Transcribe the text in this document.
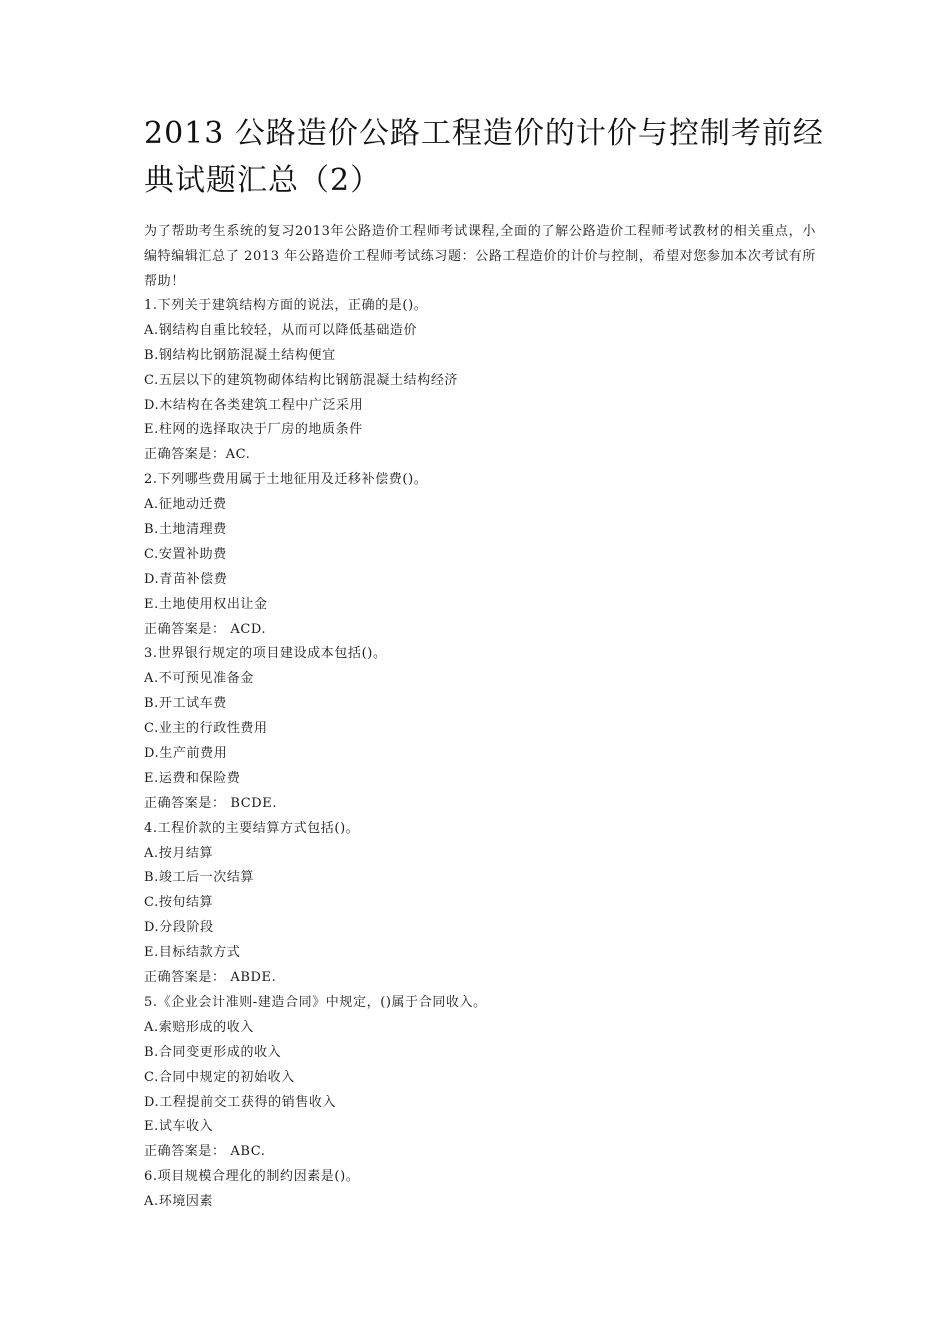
2013 公路造价公路工程造价的计价与控制考前经典试题汇总（2）

为了帮助考生系统的复习2013年公路造价工程师考试课程,全面的了解公路造价工程师考试教材的相关重点，小编特编辑汇总了 2013 年公路造价工程师考试练习题：公路工程造价的计价与控制，希望对您参加本次考试有所帮助！

1.下列关于建筑结构方面的说法，正确的是()。
A.钢结构自重比较轻，从而可以降低基础造价
B.钢结构比钢筋混凝土结构便宜
C.五层以下的建筑物砌体结构比钢筋混凝土结构经济
D.木结构在各类建筑工程中广泛采用
E.柱网的选择取决于厂房的地质条件
正确答案是：AC.
2.下列哪些费用属于土地征用及迁移补偿费()。
A.征地动迁费
B.土地清理费
C.安置补助费
D.青苗补偿费
E.土地使用权出让金
正确答案是： ACD.
3.世界银行规定的项目建设成本包括()。
A.不可预见准备金
B.开工试车费
C.业主的行政性费用
D.生产前费用
E.运费和保险费
正确答案是： BCDE.
4.工程价款的主要结算方式包括()。
A.按月结算
B.竣工后一次结算
C.按旬结算
D.分段阶段
E.目标结款方式
正确答案是： ABDE.
5.《企业会计准则-建造合同》中规定，()属于合同收入。
A.索赔形成的收入
B.合同变更形成的收入
C.合同中规定的初始收入
D.工程提前交工获得的销售收入
E.试车收入
正确答案是： ABC.
6.项目规模合理化的制约因素是()。
A.环境因素
